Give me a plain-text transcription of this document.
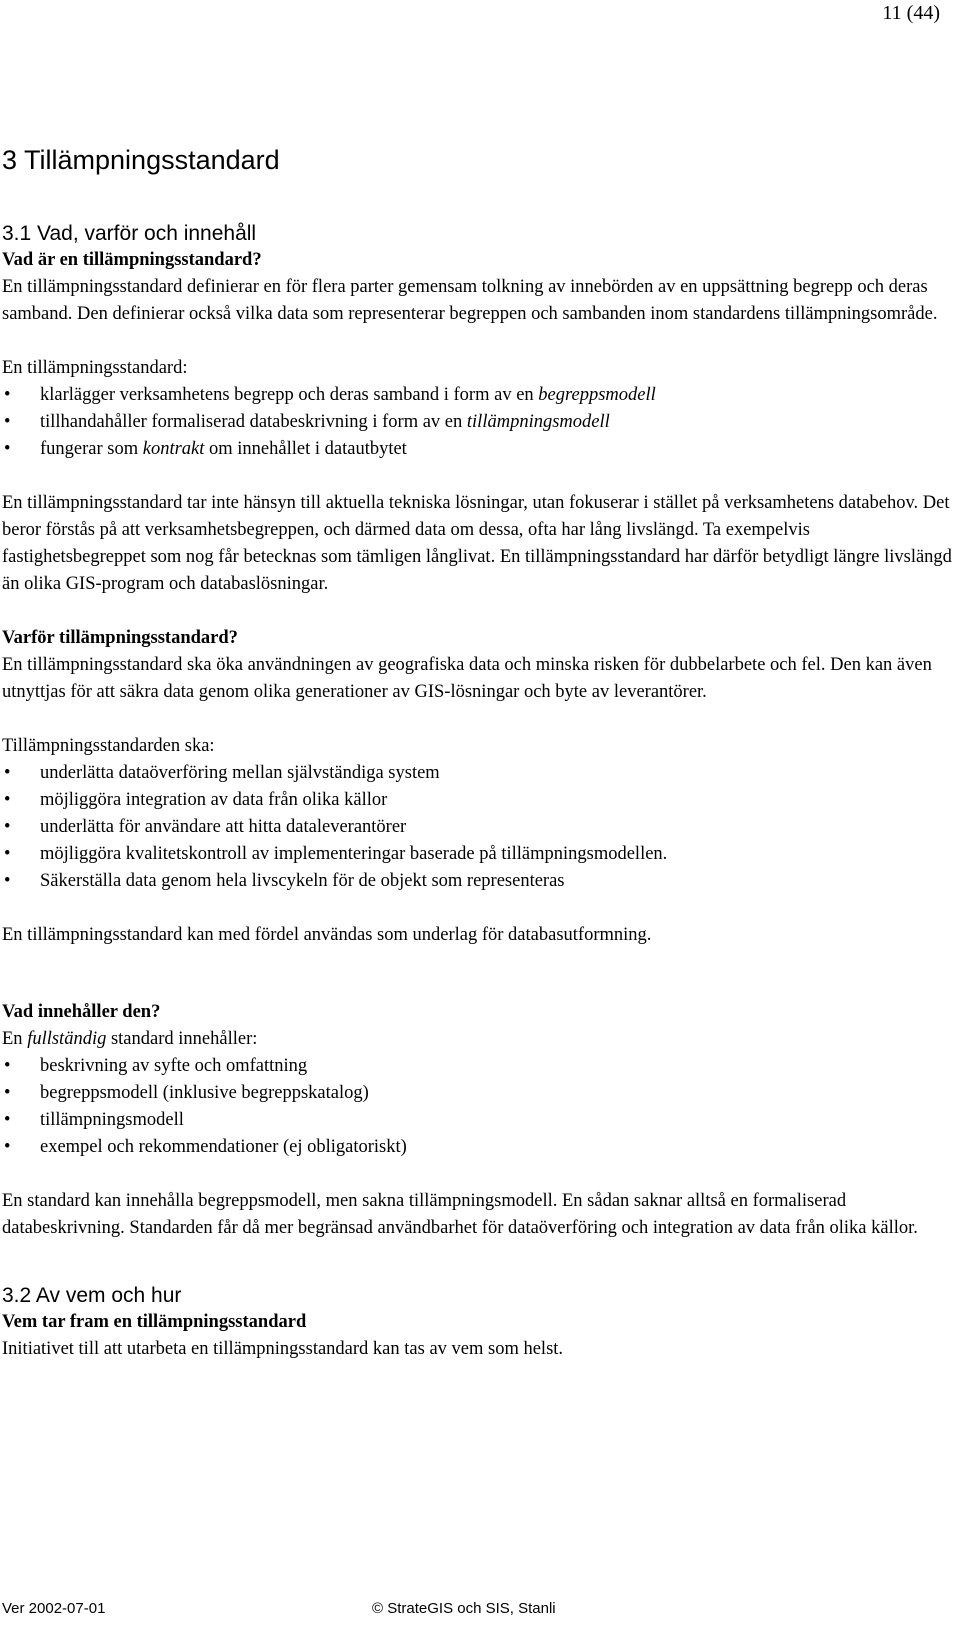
11 (44)
3 Tillämpningsstandard
3.1 Vad, varför och innehåll

Vad är en tillämpningsstandard?

En tillämpningsstandard definierar en för flera parter gemensam tolkning av innebörden av en uppsättning begrepp och deras samband. Den definierar också vilka data som representerar begreppen och sambanden inom standardens tillämpningsområde.

En tillämpningsstandard:

• klarlägger verksamhetens begrepp och deras samband i form av en begreppsmodell
• tillhandahåller formaliserad databeskrivning i form av en tillämpningsmodell
• fungerar som kontrakt om innehållet i datautbytet

En tillämpningsstandard tar inte hänsyn till aktuella tekniska lösningar, utan fokuserar i stället på verksamhetens databehov. Det beror förstås på att verksamhetsbegreppen, och därmed data om dessa, ofta har lång livslängd. Ta exempelvis fastighetsbegreppet som nog får betecknas som tämligen långlivat. En tillämpningsstandard har därför betydligt längre livslängd än olika GIS-program och databaslösningar.

Varför tillämpningsstandard?

En tillämpningsstandard ska öka användningen av geografiska data och minska risken för dubbelarbete och fel. Den kan även utnyttjas för att säkra data genom olika generationer av GIS-lösningar och byte av leverantörer.

Tillämpningsstandarden ska:

• underlätta dataöverföring mellan självständiga system
• möjliggöra integration av data från olika källor
• underlätta för användare att hitta dataleverantörer
• möjliggöra kvalitetskontroll av implementeringar baserade på tillämpningsmodellen.
• Säkerställa data genom hela livscykeln för de objekt som representeras

En tillämpningsstandard kan med fördel användas som underlag för databasutformning.

Vad innehåller den?

En fullständig standard innehåller:

• beskrivning av syfte och omfattning
• begreppsmodell (inklusive begreppskatalog)
• tillämpningsmodell
• exempel och rekommendationer (ej obligatoriskt)

En standard kan innehålla begreppsmodell, men sakna tillämpningsmodell. En sådan saknar alltså en formaliserad databeskrivning. Standarden får då mer begränsad användbarhet för dataöverföring och integration av data från olika källor.

3.2 Av vem och hur

Vem tar fram en tillämpningsstandard

Initiativet till att utarbeta en tillämpningsstandard kan tas av vem som helst.

Ver 2002-07-01	© StrateGIS och SIS, Stanli
